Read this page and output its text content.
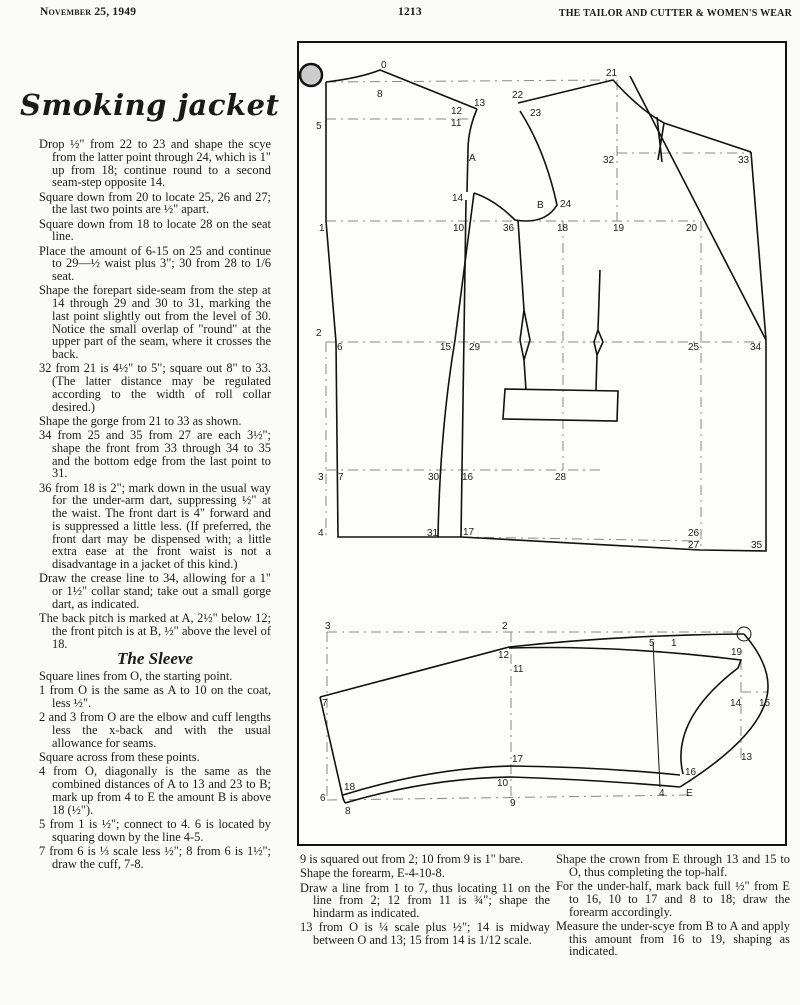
November 25, 1949	1213	THE TAILOR AND CUTTER & WOMEN'S WEAR
Smoking jacket

Drop ½" from 22 to 23 and shape the scye from the latter point through 24, which is 1" up from 18; continue round to a second seam-step opposite 14.

Square down from 20 to locate 25, 26 and 27; the last two points are ½" apart.

Square down from 18 to locate 28 on the seat line.

Place the amount of 6-15 on 25 and continue to 29—½ waist plus 3"; 30 from 28 to 1/6 seat.

Shape the forepart side-seam from the step at 14 through 29 and 30 to 31, marking the last point slightly out from the level of 30. Notice the small overlap of "round" at the upper part of the seam, where it crosses the back.

32 from 21 is 4½" to 5"; square out 8" to 33. (The latter distance may be regulated according to the width of roll collar desired.)

Shape the gorge from 21 to 33 as shown.

34 from 25 and 35 from 27 are each 3½"; shape the front from 33 through 34 to 35 and the bottom edge from the last point to 31.

36 from 18 is 2"; mark down in the usual way for the under-arm dart, suppressing ½" at the waist. The front dart is 4" forward and is suppressed a little less. (If preferred, the front dart may be dispensed with; a little extra ease at the front waist is not a disadvantage in a jacket of this kind.)

Draw the crease line to 34, allowing for a 1" or 1½" collar stand; take out a small gorge dart, as indicated.

The back pitch is marked at A, 2½" below 12; the front pitch is at B, ½" above the level of 18.

The Sleeve

Square lines from O, the starting point.

1 from O is the same as A to 10 on the coat, less ½".

2 and 3 from O are the elbow and cuff lengths less the x-back and with the usual allowance for seams.

Square across from these points.

4 from O, diagonally is the same as the combined distances of A to 13 and 23 to B; mark up from 4 to E the amount B is above 18 (½").

5 from 1 is ½"; connect to 4. 6 is located by squaring down by the line 4-5.

7 from 6 is ⅓ scale less ½"; 8 from 6 is 1½"; draw the cuff, 7-8.

0
8
5
12
11
13
22
23
21
A	32	33
14
B 24
1	10	36	18	19	20
2
6	15 29	25	34
3 7	30 16	28
4	31 17	26
27	35
3	2
5 1
12
11
19
7	14 15
13
17
16
18	10
4 E
6
8
9

9 is squared out from 2; 10 from 9 is 1" bare.

Shape the forearm, E-4-10-8.

Draw a line from 1 to 7, thus locating 11 on the line from 2; 12 from 11 is ¾"; shape the hindarm as indicated.

13 from O is ¼ scale plus ½"; 14 is midway between O and 13; 15 from 14 is 1/12 scale.

Shape the crown from E through 13 and 15 to O, thus completing the top-half.

For the under-half, mark back full ½" from E to 16, 10 to 17 and 8 to 18; draw the forearm accordingly.

Measure the under-scye from B to A and apply this amount from 16 to 19, shaping as indicated.
